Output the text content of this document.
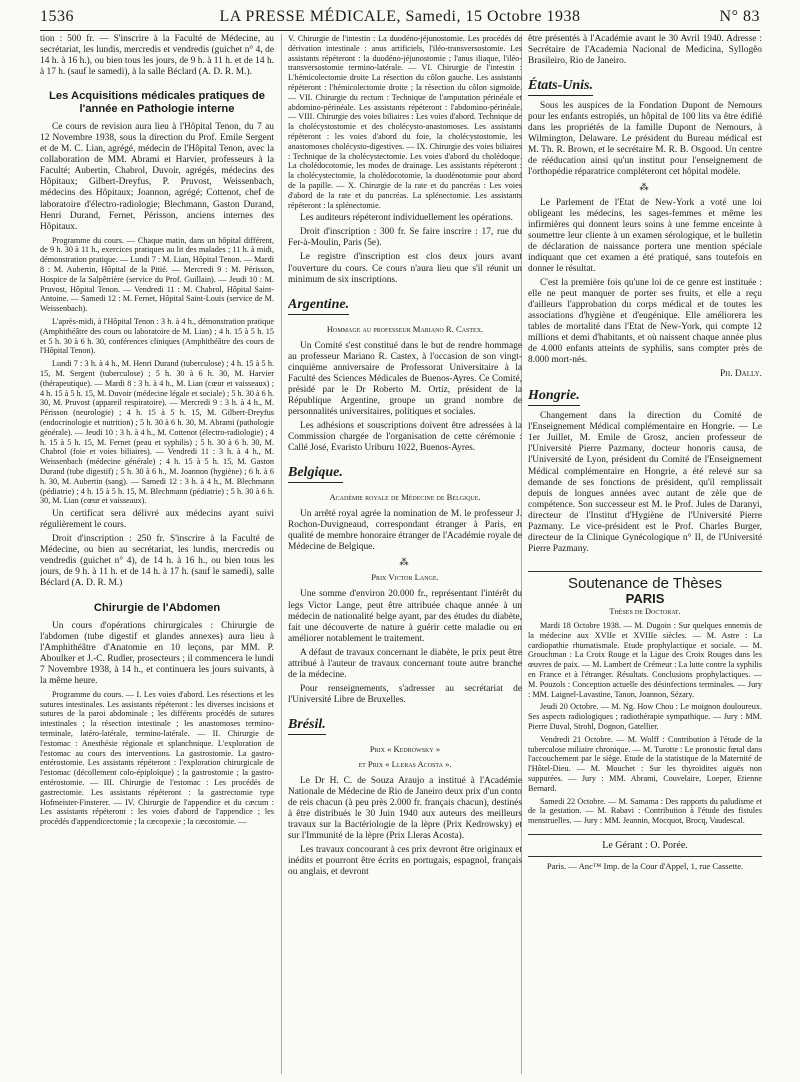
1536	LA PRESSE MÉDICALE, Samedi, 15 Octobre 1938	N° 83

tion : 500 fr. — S'inscrire à la Faculté de Médecine, au secrétariat, les lundis, mercredis et vendredis (guichet n° 4, de 14 h. à 16 h.), ou bien tous les jours, de 9 h. à 11 h. et de 14 h. à 17 h. (sauf le samedi), à la salle Béclard (A. D. R. M.).

Les Acquisitions médicales pratiques de l'année en Pathologie interne

Ce cours de revision aura lieu à l'Hôpital Tenon, du 7 au 12 Novembre 1938, sous la direction du Prof. Emile Sergent et de M. C. Lian, agrégé, médecin de l'Hôpital Tenon, avec la collaboration de MM. Abrami et Harvier, professeurs à la Faculté; Aubertin, Chabrol, Duvoir, agrégés, médecins des Hôpitaux; Gilbert-Dreyfus, P. Pruvost, Weissenbach, médecins des Hôpitaux; Joannon, agrégé; Cottenot, chef de laboratoire d'électro-radiologie; Blechmann, Gaston Durand, Henri Durand, Fernet, Périsson, anciens internes des Hôpitaux.

Programme du cours. — Chaque matin, dans un hôpital différent, de 9 h. 30 à 11 h., exercices pratiques au lit des malades ; 11 h. à midi, démonstration pratique. — Lundi 7 : M. Lian, Hôpital Tenon. — Mardi 8 : M. Aubertin, Hôpital de la Pitié. — Mercredi 9 : M. Périsson, Hospice de la Salpêtrière (service du Prof. Guillain). — Jeudi 10 : M. Pruvost, Hôpital Tenon. — Vendredi 11 : M. Chabrol, Hôpital Saint-Antoine. — Samedi 12 : M. Fernet, Hôpital Saint-Louis (service de M. Weissenbach).

L'après-midi, à l'Hôpital Tenon : 3 h. à 4 h., démonstration pratique (Amphithéâtre des cours ou laboratoire de M. Lian) ; 4 h. 15 à 5 h. 15 et 5 h. 30 à 6 h. 30, conférences cliniques (Amphithéâtre des cours de l'Hôpital Tenon).

Lundi 7 : 3 h. à 4 h., M. Henri Durand (tuberculose) ; 4 h. 15 à 5 h. 15, M. Sergent (tuberculose) ; 5 h. 30 à 6 h. 30, M. Harvier (thérapeutique). — Mardi 8 : 3 h. à 4 h., M. Lian (cœur et vaisseaux) ; 4 h. 15 à 5 h. 15, M. Duvoir (médecine légale et sociale) ; 5 h. 30 à 6 h. 30, M. Pruvost (appareil respiratoire). — Mercredi 9 : 3 h. à 4 h., M. Périsson (neurologie) ; 4 h. 15 à 5 h. 15, M. Gilbert-Dreyfus (endocrinologie et nutrition) ; 5 h. 30 à 6 h. 30, M. Abrami (pathologie générale). — Jeudi 10 : 3 h. à 4 h., M. Cottenot (électro-radiologie) ; 4 h. 15 à 5 h. 15, M. Fernet (peau et syphilis) ; 5 h. 30 à 6 h. 30, M. Chabrol (foie et voies biliaires). — Vendredi 11 : 3 h. à 4 h., M. Weissenbach (médecine générale) ; 4 h. 15 à 5 h. 15, M. Gaston Durand (tube digestif) ; 5 h. 30 à 6 h., M. Joannon (hygiène) ; 6 h. à 6 h. 30, M. Aubertin (sang). — Samedi 12 : 3 h. à 4 h., M. Blechmann (pédiatrie) ; 4 h. 15 à 5 h. 15, M. Blechmann (pédiatrie) ; 5 h. 30 à 6 h. 30, M. Lian (cœur et vaisseaux).

Un certificat sera délivré aux médecins ayant suivi régulièrement le cours.

Droit d'inscription : 250 fr. S'inscrire à la Faculté de Médecine, ou bien au secrétariat, les lundis, mercredis ou vendredis (guichet n° 4), de 14 h. à 16 h., ou bien tous les jours, de 9 h. à 11 h. et de 14 h. à 17 h. (sauf le samedi), salle Béclard (A. D. R. M.)

Chirurgie de l'Abdomen

Un cours d'opérations chirurgicales : Chirurgie de l'abdomen (tube digestif et glandes annexes) aura lieu à l'Amphithéâtre d'Anatomie en 10 leçons, par MM. P. Aboulker et J.-C. Rudler, prosecteurs ; il commencera le lundi 7 Novembre 1938, à 14 h., et continuera les jours suivants, à la même heure.

Programme du cours. — I. Les voies d'abord. Les résections et les sutures intestinales. Les assistants répéteront : les diverses incisions et sutures de la paroi abdominale ; les différents procédés de sutures intestinales ; la résection intestinale ; les anastomoses termino-terminale, latéro-latérale, termino-latérale. — II. Chirurgie de l'estomac : Anesthésie régionale et splanchnique. L'exploration de l'estomac au cours des interventions. La gastrostomie. La gastro-entérostomie. Les assistants répéteront : l'exploration chirurgicale de l'estomac (décollement colo-épiploïque) ; la gastrostomie ; la gastro-entérostomie. — III. Chirurgie de l'estomac : Les procédés de gastrectomie. Les assistants répéteront : la gastrectomie type Hofmeister-Finsterer. — IV. Chirurgie de l'appendice et du cæcum : Les assistants répéteront : les voies d'abord de l'appendice ; les procédés d'appendicectomie ; la cæcopexie ; la cæcostomie. —

V. Chirurgie de l'intestin : La duodéno-jéjunostomie. Les procédés de dérivation intestinale : anus artificiels, l'iléo-transversostomie. Les assistants répéteront : la duodéno-jéjunostomie ; l'anus iliaque, l'iléo-transversostomie termino-latérale. — VI. Chirurgie de l'intestin : L'hémicolectomie droite La résection du côlon gauche. Les assistants répéteront : l'hémicolectomie droite ; la résection du côlon sigmoïde. — VII. Chirurgie du rectum : Technique de l'amputation périnéale et abdomino-périnéale. Les assistants répéteront : l'abdomino-périnéale. — VIII. Chirurgie des voies biliaires : Les voies d'abord. Technique de la cholécystostomie et des cholécysto-anastomoses. Les assistants répéteront : les voies d'abord du foie, la cholécystostomie, les anastomoses cholécysto-digestives. — IX. Chirurgie des voies biliaires : Technique de la cholécystectomie. Les voies d'abord du cholédoque. La cholédocotomie, les modes de drainage. Les assistants répéteront : la cholécystectomie, la cholédocotomie, la duodénotomie pour abord de la papille. — X. Chirurgie de la rate et du pancréas : Les voies d'abord de la rate et du pancréas. La splénectomie. Les assistants répéteront : la splénectomie.

Les auditeurs répéteront individuellement les opérations.

Droit d'inscription : 300 fr. Se faire inscrire : 17, rue du Fer-à-Moulin, Paris (5e).

Le registre d'inscription est clos deux jours avant l'ouverture du cours. Ce cours n'aura lieu que s'il réunit un minimum de six inscriptions.

Argentine.
Hommage au professeur Mariano R. Castex.

Un Comité s'est constitué dans le but de rendre hommage au professeur Mariano R. Castex, à l'occasion de son vingt-cinquième anniversaire de Professorat Universitaire à la Faculté des Sciences Médicales de Buenos-Ayres. Ce Comité, présidé par le Dr Roberto M. Ortiz, président de la République Argentine, groupe un grand nombre de personnalités universitaires, politiques et sociales.

Les adhésions et souscriptions doivent être adressées à la Commission chargée de l'organisation de cette cérémonie : Callé José, Evaristo Uriburu 1022, Buenos-Ayres.

Belgique.
Académie royale de Médecine de Belgique.

Un arrêté royal agrée la nomination de M. le professeur J. Rochon-Duvigneaud, correspondant étranger à Paris, en qualité de membre honoraire étranger de l'Académie royale de Médecine de Belgique.

⁂
Prix Victor Lange.

Une somme d'environ 20.000 fr., représentant l'intérêt du legs Victor Lange, peut être attribuée chaque année à un médecin de nationalité belge ayant, par des études du diabète, fait une découverte de nature à guérir cette maladie ou en améliorer notablement le traitement.

A défaut de travaux concernant le diabète, le prix peut être attribué à l'auteur de travaux concernant toute autre branche de la médecine.

Pour renseignements, s'adresser au secrétariat de l'Université Libre de Bruxelles.

Brésil.
Prix « Kedrowsky »
et Prix « Lleras Acosta ».

Le Dr H. C. de Souza Araujo a institué à l'Académie Nationale de Médecine de Rio de Janeiro deux prix d'un conto de reis chacun (à peu près 2.000 fr. français chacun), destinés à être distribués le 30 Juin 1940 aux auteurs des meilleurs travaux sur la Bactériologie de la lèpre (Prix Kedrowsky) et sur l'Immunité de la lèpre (Prix Lleras Acosta).

Les travaux concourant à ces prix devront être originaux et inédits et pourront être écrits en portugais, espagnol, français ou anglais, et devront

être présentés à l'Académie avant le 30 Avril 1940. Adresse : Secrétaire de l'Academia Nacional de Medicina, Syllogêo Brasileiro, Rio de Janeiro.

États-Unis.

Sous les auspices de la Fondation Dupont de Nemours pour les enfants estropiés, un hôpital de 100 lits va être édifié dans les propriétés de la famille Dupont de Nemours, à Wilmington, Delaware. Le président du Bureau médical est M. Th. R. Brown, et le secrétaire M. R. B. Osgood. Un centre de rééducation ainsi qu'un institut pour l'enseignement de l'orthopédie réparatrice compléteront cet hôpital modèle.

⁂

Le Parlement de l'Etat de New-York a voté une loi obligeant les médecins, les sages-femmes et même les infirmières qui donnent leurs soins à une femme enceinte à soumettre leur cliente à un examen sérologique, et le bulletin de déclaration de naissance portera une mention spéciale indiquant que cet examen a été pratiqué, sans toutefois en donner le résultat.

C'est la première fois qu'une loi de ce genre est instituée : elle ne peut manquer de porter ses fruits, et elle a reçu d'ailleurs l'approbation du corps médical et de toutes les associations d'hygiène et d'eugénique. Elle améliorera les tables de mortalité dans l'Etat de New-York, qui compte 12 millions et demi d'habitants, et où naissent chaque année plus de 4.000 enfants atteints de syphilis, sans compter près de 8.000 mort-nés.

Ph. Dally.
Hongrie.

Changement dans la direction du Comité de l'Enseignement Médical complémentaire en Hongrie. — Le 1er Juillet, M. Emile de Grosz, ancien professeur de l'Université Pierre Pazmany, docteur honoris causa, de l'Université de Lyon, président du Comité de l'Enseignement Médical complémentaire en Hongrie, a été relevé sur sa demande de ses fonctions de président, qu'il remplissait depuis de longues années avec autant de zèle que de compétence. Son successeur est M. le Prof. Jules de Daranyi, directeur de l'Institut d'Hygiène de l'Université Pierre Pazmany. Le vice-président est le Prof. Charles Burger, directeur de la Clinique Gynécologique n° II, de l'Université Pierre Pazmany.

Soutenance de Thèses
PARIS
Thèses de Doctorat.

Mardi 18 Octobre 1938. — M. Dugoin : Sur quelques ennemis de la médecine aux XVIIe et XVIIIe siècles. — M. Astre : La cardiopathie rhumatismale. Etude prophylactique et sociale. — M. Grouchman : La Croix Rouge et la Ligue des Croix Rouges dans les œuvres de paix. — M. Lambert de Crémeur : La lutte contre la syphilis en France et à l'étranger. Résultats. Conclusions prophylactiques. — M. Pouzols : Conception actuelle des désinfections terminales. — Jury : MM. Laignel-Lavastine, Tanon, Joannon, Sézary.

Jeudi 20 Octobre. — M. Ng. How Chou : Le moignon douloureux. Ses aspects radiologiques ; radiothérapie sympathique. — Jury : MM. Pierre Duval, Strohl, Dognon, Gatellier.

Vendredi 21 Octobre. — M. Wolff : Contribution à l'étude de la tuberculose miliaire chronique. — M. Turotte : Le pronostic fœtal dans l'accouchement par le siège. Etude de la statistique de la Maternité de l'Hôtel-Dieu. — M. Mouchet : Sur les thyroïdites aiguës non suppurées. — Jury : MM. Abrami, Couvelaire, Loeper, Etienne Bernard.

Samedi 22 Octobre. — M. Samama : Des rapports du paludisme et de la gestation. — M. Rabavi : Contribution à l'étude des fistules menstruelles. — Jury : MM. Jeannin, Mocquot, Brocq, Vaudescal.

Le Gérant : O. Porée.
Paris. — Anc™ Imp. de la Cour d'Appel, 1, rue Cassette.
